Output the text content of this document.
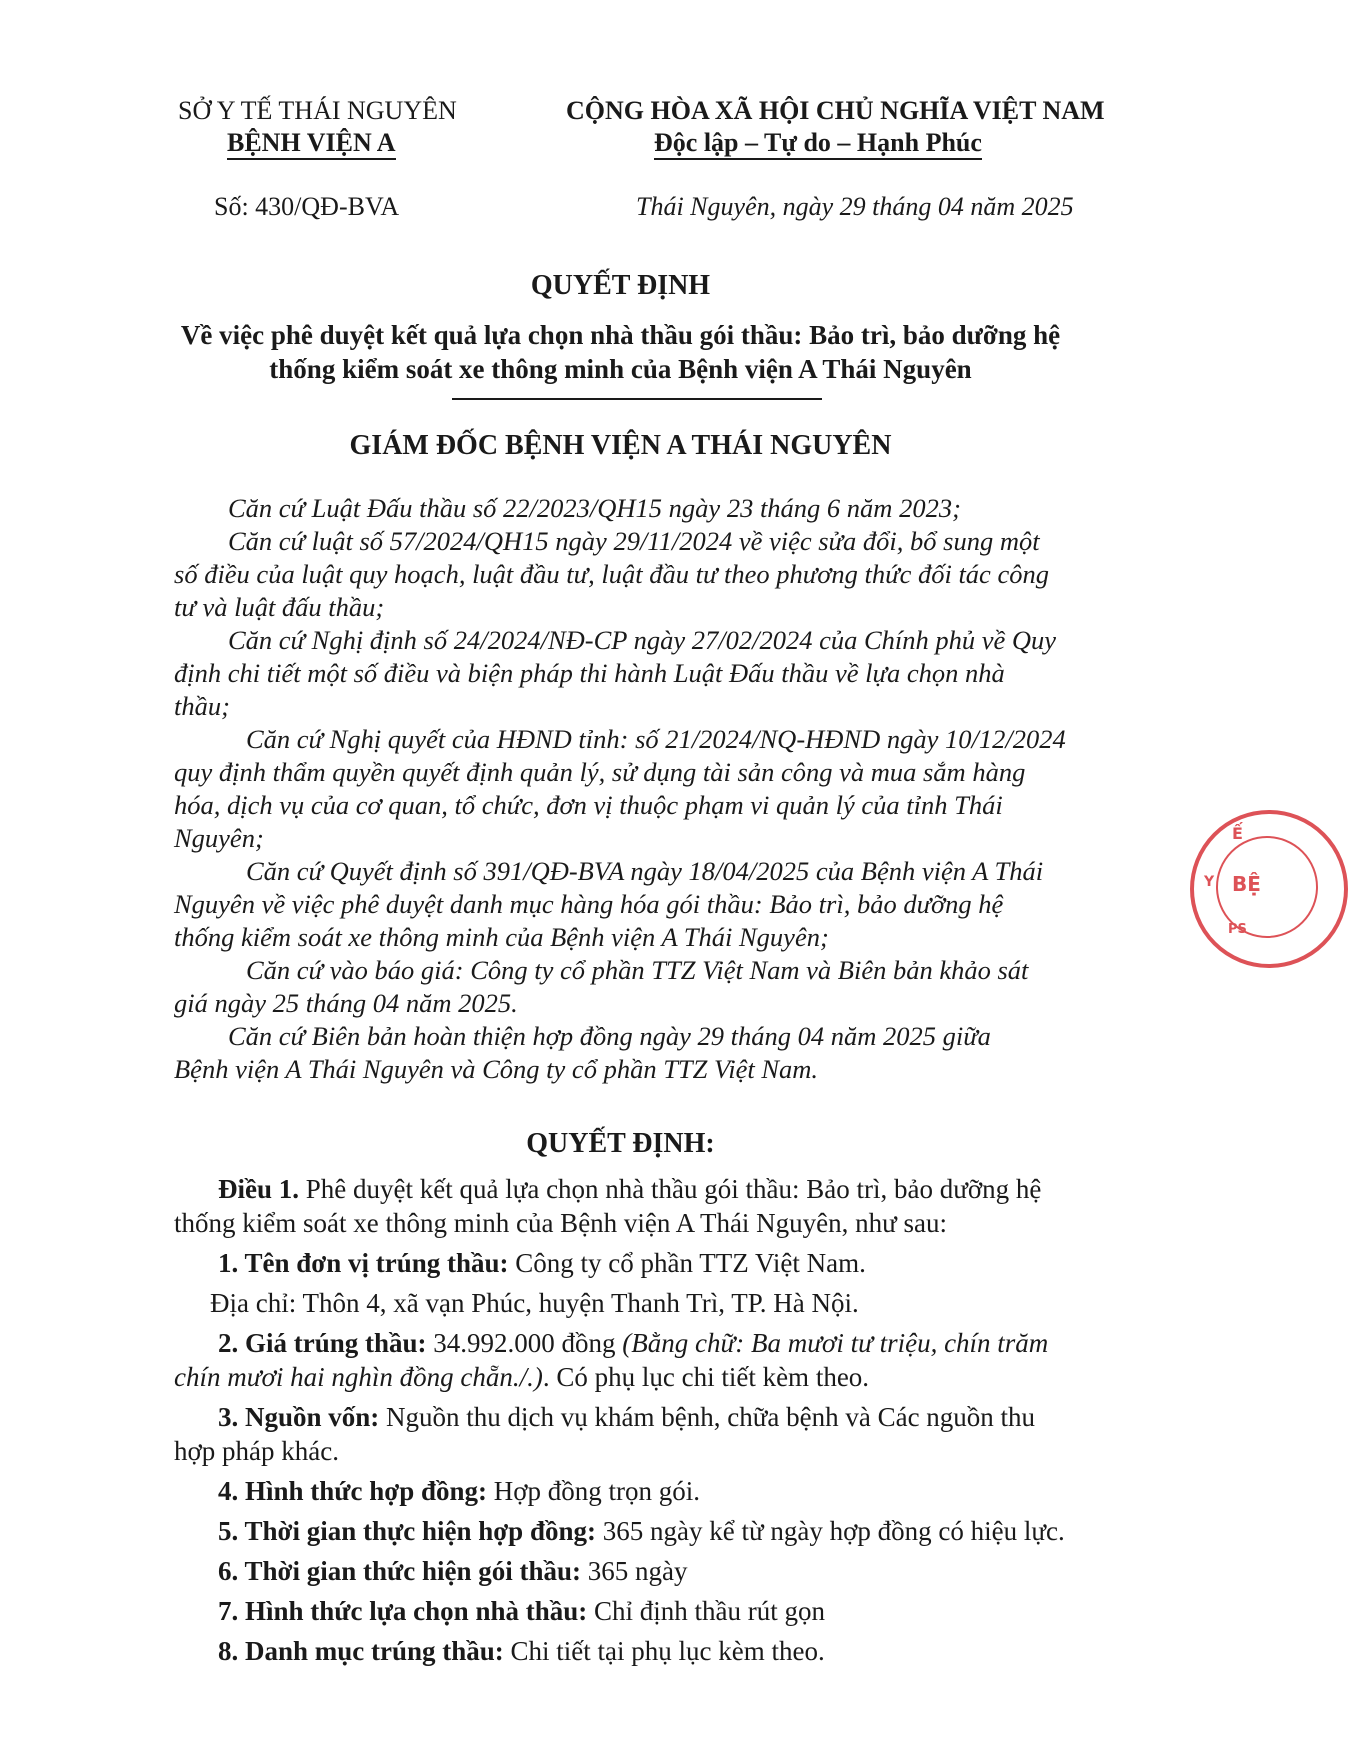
SỞ Y TẾ THÁI NGUYÊN
BỆNH VIỆN A
Số: 430/QĐ-BVA
CỘNG HÒA XÃ HỘI CHỦ NGHĨA VIỆT NAM
Độc lập – Tự do – Hạnh Phúc
Thái Nguyên, ngày 29 tháng 04 năm 2025
QUYẾT ĐỊNH
Về việc phê duyệt kết quả lựa chọn nhà thầu gói thầu: Bảo trì, bảo dưỡng hệ
thống kiểm soát xe thông minh của Bệnh viện A Thái Nguyên
GIÁM ĐỐC BỆNH VIỆN A THÁI NGUYÊN
Căn cứ Luật Đấu thầu số 22/2023/QH15 ngày 23 tháng 6 năm 2023;
Căn cứ luật số 57/2024/QH15 ngày 29/11/2024 về việc sửa đổi, bổ sung một
số điều của luật quy hoạch, luật đầu tư, luật đầu tư theo phương thức đối tác công
tư và luật đấu thầu;
Căn cứ Nghị định số 24/2024/NĐ-CP ngày 27/02/2024 của Chính phủ về Quy
định chi tiết một số điều và biện pháp thi hành Luật Đấu thầu về lựa chọn nhà
thầu;
Căn cứ Nghị quyết của HĐND tỉnh: số 21/2024/NQ-HĐND ngày 10/12/2024
quy định thẩm quyền quyết định quản lý, sử dụng tài sản công và mua sắm hàng
hóa, dịch vụ của cơ quan, tổ chức, đơn vị thuộc phạm vi quản lý của tỉnh Thái
Nguyên;
Căn cứ Quyết định số 391/QĐ-BVA ngày 18/04/2025 của Bệnh viện A Thái
Nguyên về việc phê duyệt danh mục hàng hóa gói thầu: Bảo trì, bảo dưỡng hệ
thống kiểm soát xe thông minh của Bệnh viện A Thái Nguyên;
Căn cứ vào báo giá: Công ty cổ phần TTZ Việt Nam và Biên bản khảo sát
giá ngày 25 tháng 04 năm 2025.
Căn cứ Biên bản hoàn thiện hợp đồng ngày 29 tháng 04 năm 2025 giữa
Bệnh viện A Thái Nguyên và Công ty cổ phần TTZ Việt Nam.
QUYẾT ĐỊNH:
Điều 1. Phê duyệt kết quả lựa chọn nhà thầu gói thầu: Bảo trì, bảo dưỡng hệ
thống kiểm soát xe thông minh của Bệnh viện A Thái Nguyên, như sau:
1. Tên đơn vị trúng thầu: Công ty cổ phần TTZ Việt Nam.
Địa chỉ: Thôn 4, xã vạn Phúc, huyện Thanh Trì, TP. Hà Nội.
2. Giá trúng thầu: 34.992.000 đồng (Bằng chữ: Ba mươi tư triệu, chín trăm
chín mươi hai nghìn đồng chẵn./.). Có phụ lục chi tiết kèm theo.
3. Nguồn vốn: Nguồn thu dịch vụ khám bệnh, chữa bệnh và Các nguồn thu
hợp pháp khác.
4. Hình thức hợp đồng: Hợp đồng trọn gói.
5. Thời gian thực hiện hợp đồng: 365 ngày kể từ ngày hợp đồng có hiệu lực.
6. Thời gian thức hiện gói thầu: 365 ngày
7. Hình thức lựa chọn nhà thầu: Chỉ định thầu rút gọn
8. Danh mục trúng thầu: Chi tiết tại phụ lục kèm theo.
Ế
BỆ
Y
PS
